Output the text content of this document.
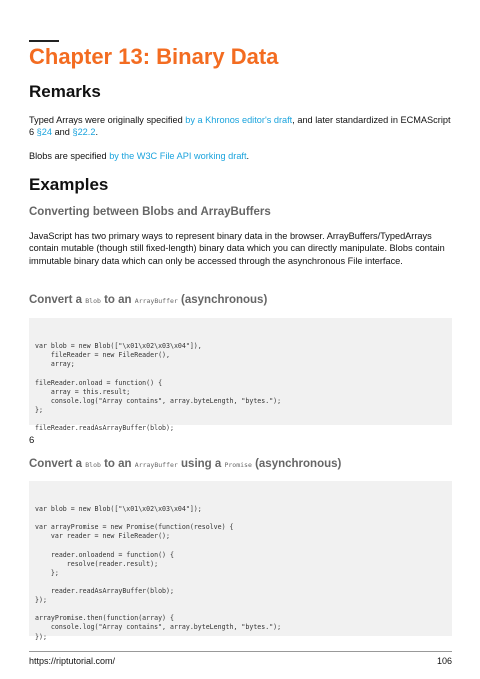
Chapter 13: Binary Data
Remarks
Typed Arrays were originally specified by a Khronos editor's draft, and later standardized in ECMAScript 6 §24 and §22.2.
Blobs are specified by the W3C File API working draft.
Examples
Converting between Blobs and ArrayBuffers
JavaScript has two primary ways to represent binary data in the browser. ArrayBuffers/TypedArrays contain mutable (though still fixed-length) binary data which you can directly manipulate. Blobs contain immutable binary data which can only be accessed through the asynchronous File interface.
Convert a Blob to an ArrayBuffer (asynchronous)

var blob = new Blob(["\x01\x02\x03\x04"]),
fileReader = new FileReader(),
array;
fileReader.onload = function() {
array = this.result;
console.log("Array contains", array.byteLength, "bytes.");
};
fileReader.readAsArrayBuffer(blob);

6
Convert a Blob to an ArrayBuffer using a Promise (asynchronous)

var blob = new Blob(["\x01\x02\x03\x04"]);
var arrayPromise = new Promise(function(resolve) {
var reader = new FileReader();
reader.onloadend = function() {
resolve(reader.result);
};
reader.readAsArrayBuffer(blob);
});
arrayPromise.then(function(array) {
console.log("Array contains", array.byteLength, "bytes.");
});

https://riptutorial.com/	106
